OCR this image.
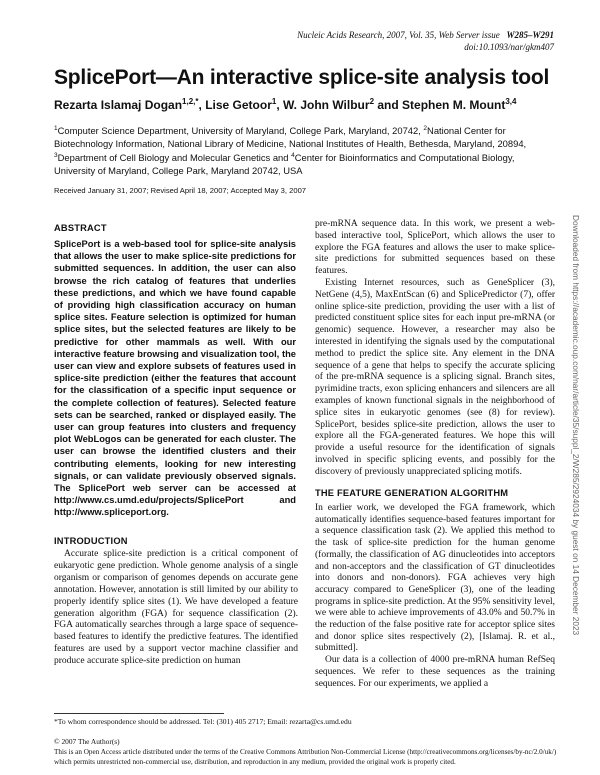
Nucleic Acids Research, 2007, Vol. 35, Web Server issue W285–W291
doi:10.1093/nar/gkm407
SplicePort—An interactive splice-site analysis tool
Rezarta Islamaj Dogan$^{1,2,*}$, Lise Getoor$^1$, W. John Wilbur$^2$ and Stephen M. Mount$^{3,4}$
$^1$Computer Science Department, University of Maryland, College Park, Maryland, 20742, $^2$National Center for Biotechnology Information, National Library of Medicine, National Institutes of Health, Bethesda, Maryland, 20894, $^3$Department of Cell Biology and Molecular Genetics and $^4$Center for Bioinformatics and Computational Biology, University of Maryland, College Park, Maryland 20742, USA
Received January 31, 2007; Revised April 18, 2007; Accepted May 3, 2007
ABSTRACT
SplicePort is a web-based tool for splice-site analysis that allows the user to make splice-site predictions for submitted sequences. In addition, the user can also browse the rich catalog of features that underlies these predictions, and which we have found capable of providing high classification accuracy on human splice sites. Feature selection is optimized for human splice sites, but the selected features are likely to be predictive for other mammals as well. With our interactive feature browsing and visualization tool, the user can view and explore subsets of features used in splice-site prediction (either the features that account for the classification of a specific input sequence or the complete collection of features). Selected feature sets can be searched, ranked or displayed easily. The user can group features into clusters and frequency plot WebLogos can be generated for each cluster. The user can browse the identified clusters and their contributing elements, looking for new interesting signals, or can validate previously observed signals. The SplicePort web server can be accessed at http://www.cs.umd.edu/projects/SplicePort and http://www.spliceport.org.
INTRODUCTION

Accurate splice-site prediction is a critical component of eukaryotic gene prediction. Whole genome analysis of a single organism or comparison of genomes depends on accurate gene annotation. However, annotation is still limited by our ability to properly identify splice sites (1). We have developed a feature generation algorithm (FGA) for sequence classification (2). FGA automatically searches through a large space of sequence-based features to identify the predictive features. The identified features are used by a support vector machine classifier and produce accurate splice-site prediction on human

pre-mRNA sequence data. In this work, we present a web-based interactive tool, SplicePort, which allows the user to explore the FGA features and allows the user to make splice-site predictions for submitted sequences based on these features.

Existing Internet resources, such as GeneSplicer (3), NetGene (4,5), MaxEntScan (6) and SplicePredictor (7), offer online splice-site prediction, providing the user with a list of predicted constituent splice sites for each input pre-mRNA (or genomic) sequence. However, a researcher may also be interested in identifying the signals used by the computational method to predict the splice site. Any element in the DNA sequence of a gene that helps to specify the accurate splicing of the pre-mRNA sequence is a splicing signal. Branch sites, pyrimidine tracts, exon splicing enhancers and silencers are all examples of known functional signals in the neighborhood of splice sites in eukaryotic genomes (see (8) for review). SplicePort, besides splice-site prediction, allows the user to explore all the FGA-generated features. We hope this will provide a useful resource for the identification of signals involved in specific splicing events, and possibly for the discovery of previously unappreciated splicing motifs.

THE FEATURE GENERATION ALGORITHM

In earlier work, we developed the FGA framework, which automatically identifies sequence-based features important for a sequence classification task (2). We applied this method to the task of splice-site prediction for the human genome (formally, the classification of AG dinucleotides into acceptors and non-acceptors and the classification of GT dinucleotides into donors and non-donors). FGA achieves very high accuracy compared to GeneSplicer (3), one of the leading programs in splice-site prediction. At the 95% sensitivity level, we were able to achieve improvements of 43.0% and 50.7% in the reduction of the false positive rate for acceptor splice sites and donor splice sites respectively (2), [Islamaj. R. et al., submitted].

Our data is a collection of 4000 pre-mRNA human RefSeq sequences. We refer to these sequences as the training sequences. For our experiments, we applied a

*To whom correspondence should be addressed. Tel: (301) 405 2717; Email: rezarta@cs.umd.edu
© 2007 The Author(s)
This is an Open Access article distributed under the terms of the Creative Commons Attribution Non-Commercial License (http://creativecommons.org/licenses/by-nc/2.0/uk/) which permits unrestricted non-commercial use, distribution, and reproduction in any medium, provided the original work is properly cited.
Downloaded from https://academic.oup.com/nar/article/35/suppl_2/W285/2924034 by guest on 14 December 2023
